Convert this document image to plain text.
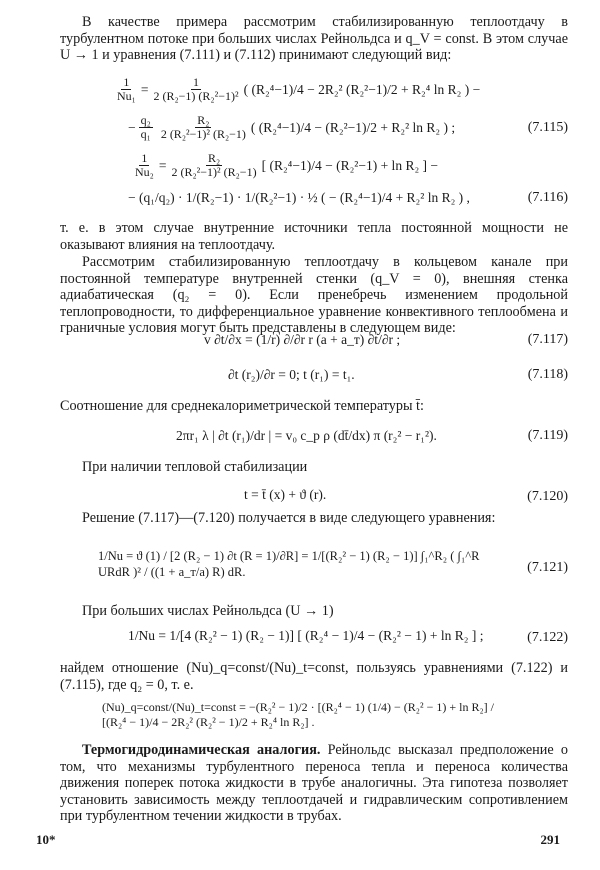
В качестве примера рассмотрим стабилизированную теплоотдачу в турбулентном потоке при больших числах Рейнольдса и q_V = const. В этом случае U → 1 и уравнения (7.111) и (7.112) принимают следующий вид:

$\frac{1}{\text{Nu₁}} = \frac{1}{\text{2 (R₂−1) (R₂²−1)²}}$ ( (R₂⁴−1)/4 − 2R₂² (R₂²−1)/2 + R₂⁴ ln R₂ ) −
− $\frac{\text{q₂}}{\text{q₁}} \frac{\text{R₂}}{\text{2 (R₂²−1)² (R₂−1)}}$ ( (R₂⁴−1)/4 − (R₂²−1)/2 + R₂² ln R₂ ) ;	(7.115)
$\frac{1}{\text{Nu₂}} = \frac{\text{R₂}}{\text{2 (R₂²−1)² (R₂−1)}}$ [ (R₂⁴−1)/4 − (R₂²−1) + ln R₂ ] −
− (q₁/q₂) · 1/(R₂−1) · 1/(R₂²−1) · ½ ( − (R₂⁴−1)/4 + R₂² ln R₂ ) ,	(7.116)

т. е. в этом случае внутренние источники тепла постоянной мощности не оказывают влияния на теплоотдачу.

Рассмотрим стабилизированную теплоотдачу в кольцевом канале при постоянной температуре внутренней стенки (q_V = 0), внешняя стенка адиабатическая (q₂ = 0). Если пренебречь изменением продольной теплопроводности, то дифференциальное уравнение конвективного теплообмена и граничные условия могут быть представлены в следующем виде:

v ∂t/∂x = (1/r) ∂/∂r r (a + a_т) ∂t/∂r ;	(7.117)
∂t (r₂)/∂r = 0; t (r₁) = t₁.	(7.118)
Соотношение для среднекалориметрической температуры t̄:
2πr₁ λ | ∂t (r₁)/dr | = v₀ c_p ρ (dt̄/dx) π (r₂² − r₁²).	(7.119)
При наличии тепловой стабилизации
t = t̄ (x) + ϑ (r).	(7.120)
Решение (7.117)—(7.120) получается в виде следующего уравнения:
1/Nu = ϑ (1) / [2 (R₂ − 1) ∂t (R = 1)/∂R] = 1/[(R₂² − 1) (R₂ − 1)] ∫₁^R₂ ( ∫₁^R URdR )² / ((1 + a_т/a) R) dR.	(7.121)
При больших числах Рейнольдса (U → 1)
1/Nu = 1/[4 (R₂² − 1) (R₂ − 1)] [ (R₂⁴ − 1)/4 − (R₂² − 1) + ln R₂ ] ;	(7.122)

найдем отношение (Nu)_q=const/(Nu)_t=const, пользуясь уравнениями (7.122) и (7.115), где q₂ = 0, т. е.

(Nu)_q=const/(Nu)_t=const = −(R₂² − 1)/2 · [(R₂⁴ − 1) (1/4) − (R₂² − 1) + ln R₂] / [(R₂⁴ − 1)/4 − 2R₂² (R₂² − 1)/2 + R₂⁴ ln R₂] .

Термогидродинамическая аналогия. Рейнольдс высказал предположение о том, что механизмы турбулентного переноса тепла и переноса количества движения поперек потока жидкости в трубе аналогичны. Эта гипотеза позволяет установить зависимость между теплоотдачей и гидравлическим сопротивлением при турбулентном течении жидкости в трубах.

10*	291
